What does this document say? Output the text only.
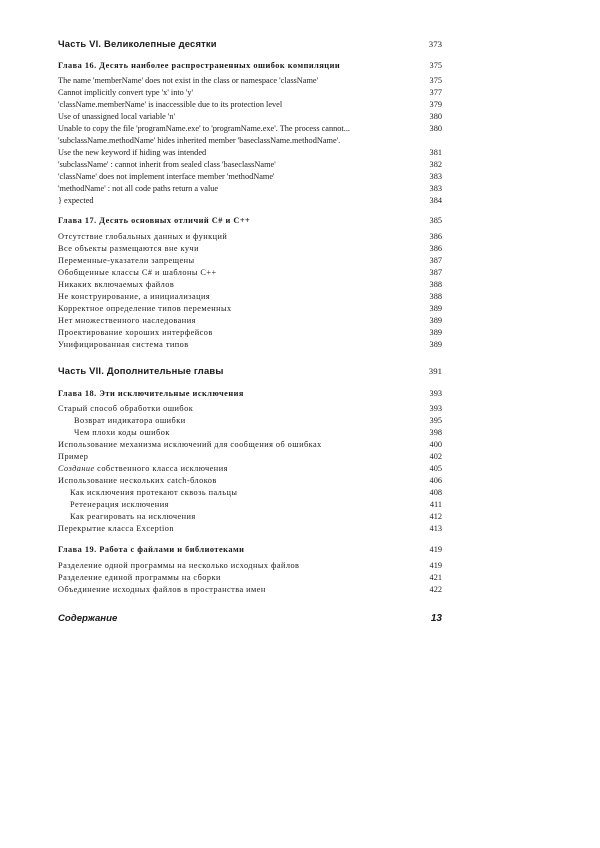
Часть VI. Великолепные десятки	373
Глава 16. Десять наиболее распространенных ошибок компиляции	375
The name 'memberName' does not exist in the class or namespace 'className'	375
Cannot implicitly convert type 'x' into 'y'	377
'className.memberName' is inaccessible due to its protection level	379
Use of unassigned local variable 'n'	380
Unable to copy the file 'programName.exe' to 'programName.exe'. The process cannot...	380
'subclassName.methodName' hides inherited member 'baseclassName.methodName'.
Use the new keyword if hiding was intended	381
'subclassName' : cannot inherit from sealed class 'baseclassName'	382
'className' does not implement interface member 'methodName'	383
'methodName' : not all code paths return a value	383
} expected	384
Глава 17. Десять основных отличий C# и C++	385
Отсутствие глобальных данных и функций	386
Все объекты размещаются вне кучи	386
Переменные-указатели запрещены	387
Обобщенные классы C# и шаблоны C++	387
Никаких включаемых файлов	388
Не конструирование, а инициализация	388
Корректное определение типов переменных	389
Нет множественного наследования	389
Проектирование хороших интерфейсов	389
Унифицированная система типов	389
Часть VII. Дополнительные главы	391
Глава 18. Эти исключительные исключения	393
Старый способ обработки ошибок	393
Возврат индикатора ошибки	395
Чем плохи коды ошибок	398
Использование механизма исключений для сообщения об ошибках	400
Пример	402
Создание собственного класса исключения	405
Использование нескольких catch-блоков	406
Как исключения протекают сквозь пальцы	408
Ретенерация исключения	411
Как реагировать на исключения	412
Перекрытие класса Exception	413
Глава 19. Работа с файлами и библиотеками	419
Разделение одной программы на несколько исходных файлов	419
Разделение единой программы на сборки	421
Объединение исходных файлов в пространства имен	422
Содержание	13
